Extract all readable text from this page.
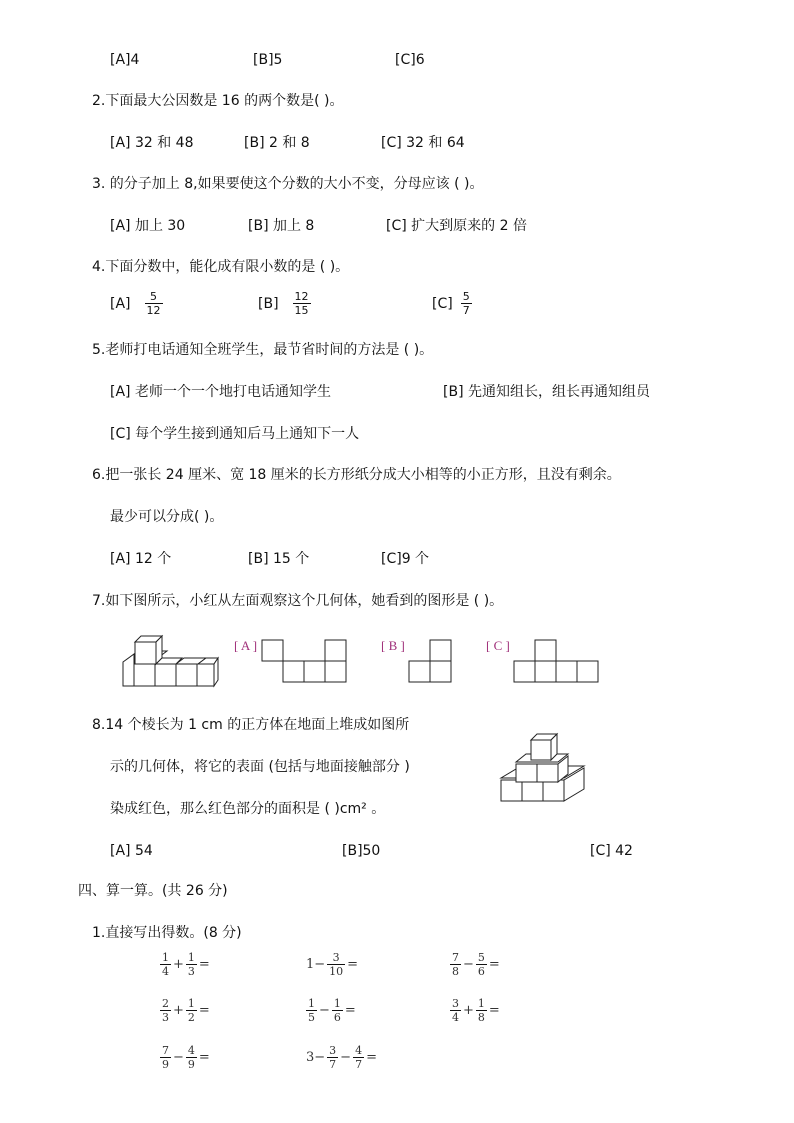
[A]4	[B]5	[C]6
2.下面最大公因数是 16 的两个数是( )。
[A] 32 和 48	[B] 2 和 8	[C] 32 和 64
3. 的分子加上 8,如果要使这个分数的大小不变，分母应该 ( )。
[A] 加上 30	[B] 加上 8	[C] 扩大到原来的 2 倍
4.下面分数中，能化成有限小数的是 ( )。
$[A] \frac{5}{12}$	$[B] \frac{12}{15}$	$[C] \frac{5}{7}$
5.老师打电话通知全班学生，最节省时间的方法是 ( )。
[A] 老师一个一个地打电话通知学生	[B] 先通知组长，组长再通知组员
[C] 每个学生接到通知后马上通知下一人
6.把一张长 24 厘米、宽 18 厘米的长方形纸分成大小相等的小正方形，且没有剩余。
最少可以分成( )。
[A] 12 个	[B] 15 个	[C]9 个
7.如下图所示，小红从左面观察这个几何体，她看到的图形是 ( )。
[ A ]	[ B ]	[ C ]
8.14 个棱长为 1 cm 的正方体在地面上堆成如图所
示的几何体，将它的表面 (包括与地面接触部分 )
染成红色，那么红色部分的面积是 ( )cm² 。
[A] 54	[B]50	[C] 42
四、算一算。(共 26 分)
1.直接写出得数。(8 分)
$\frac{1}{4} + \frac{1}{3}$ =	$1- \frac{3}{10}$ =	$\frac{7}{8} - \frac{5}{6}$ =
$\frac{2}{3} + \frac{1}{2}$ =	$\frac{1}{5} - \frac{1}{6}$ =	$\frac{3}{4} + \frac{1}{8}$ =
$\frac{7}{9} - \frac{4}{9}$ =	$3- \frac{3}{7} - \frac{4}{7}$ =
